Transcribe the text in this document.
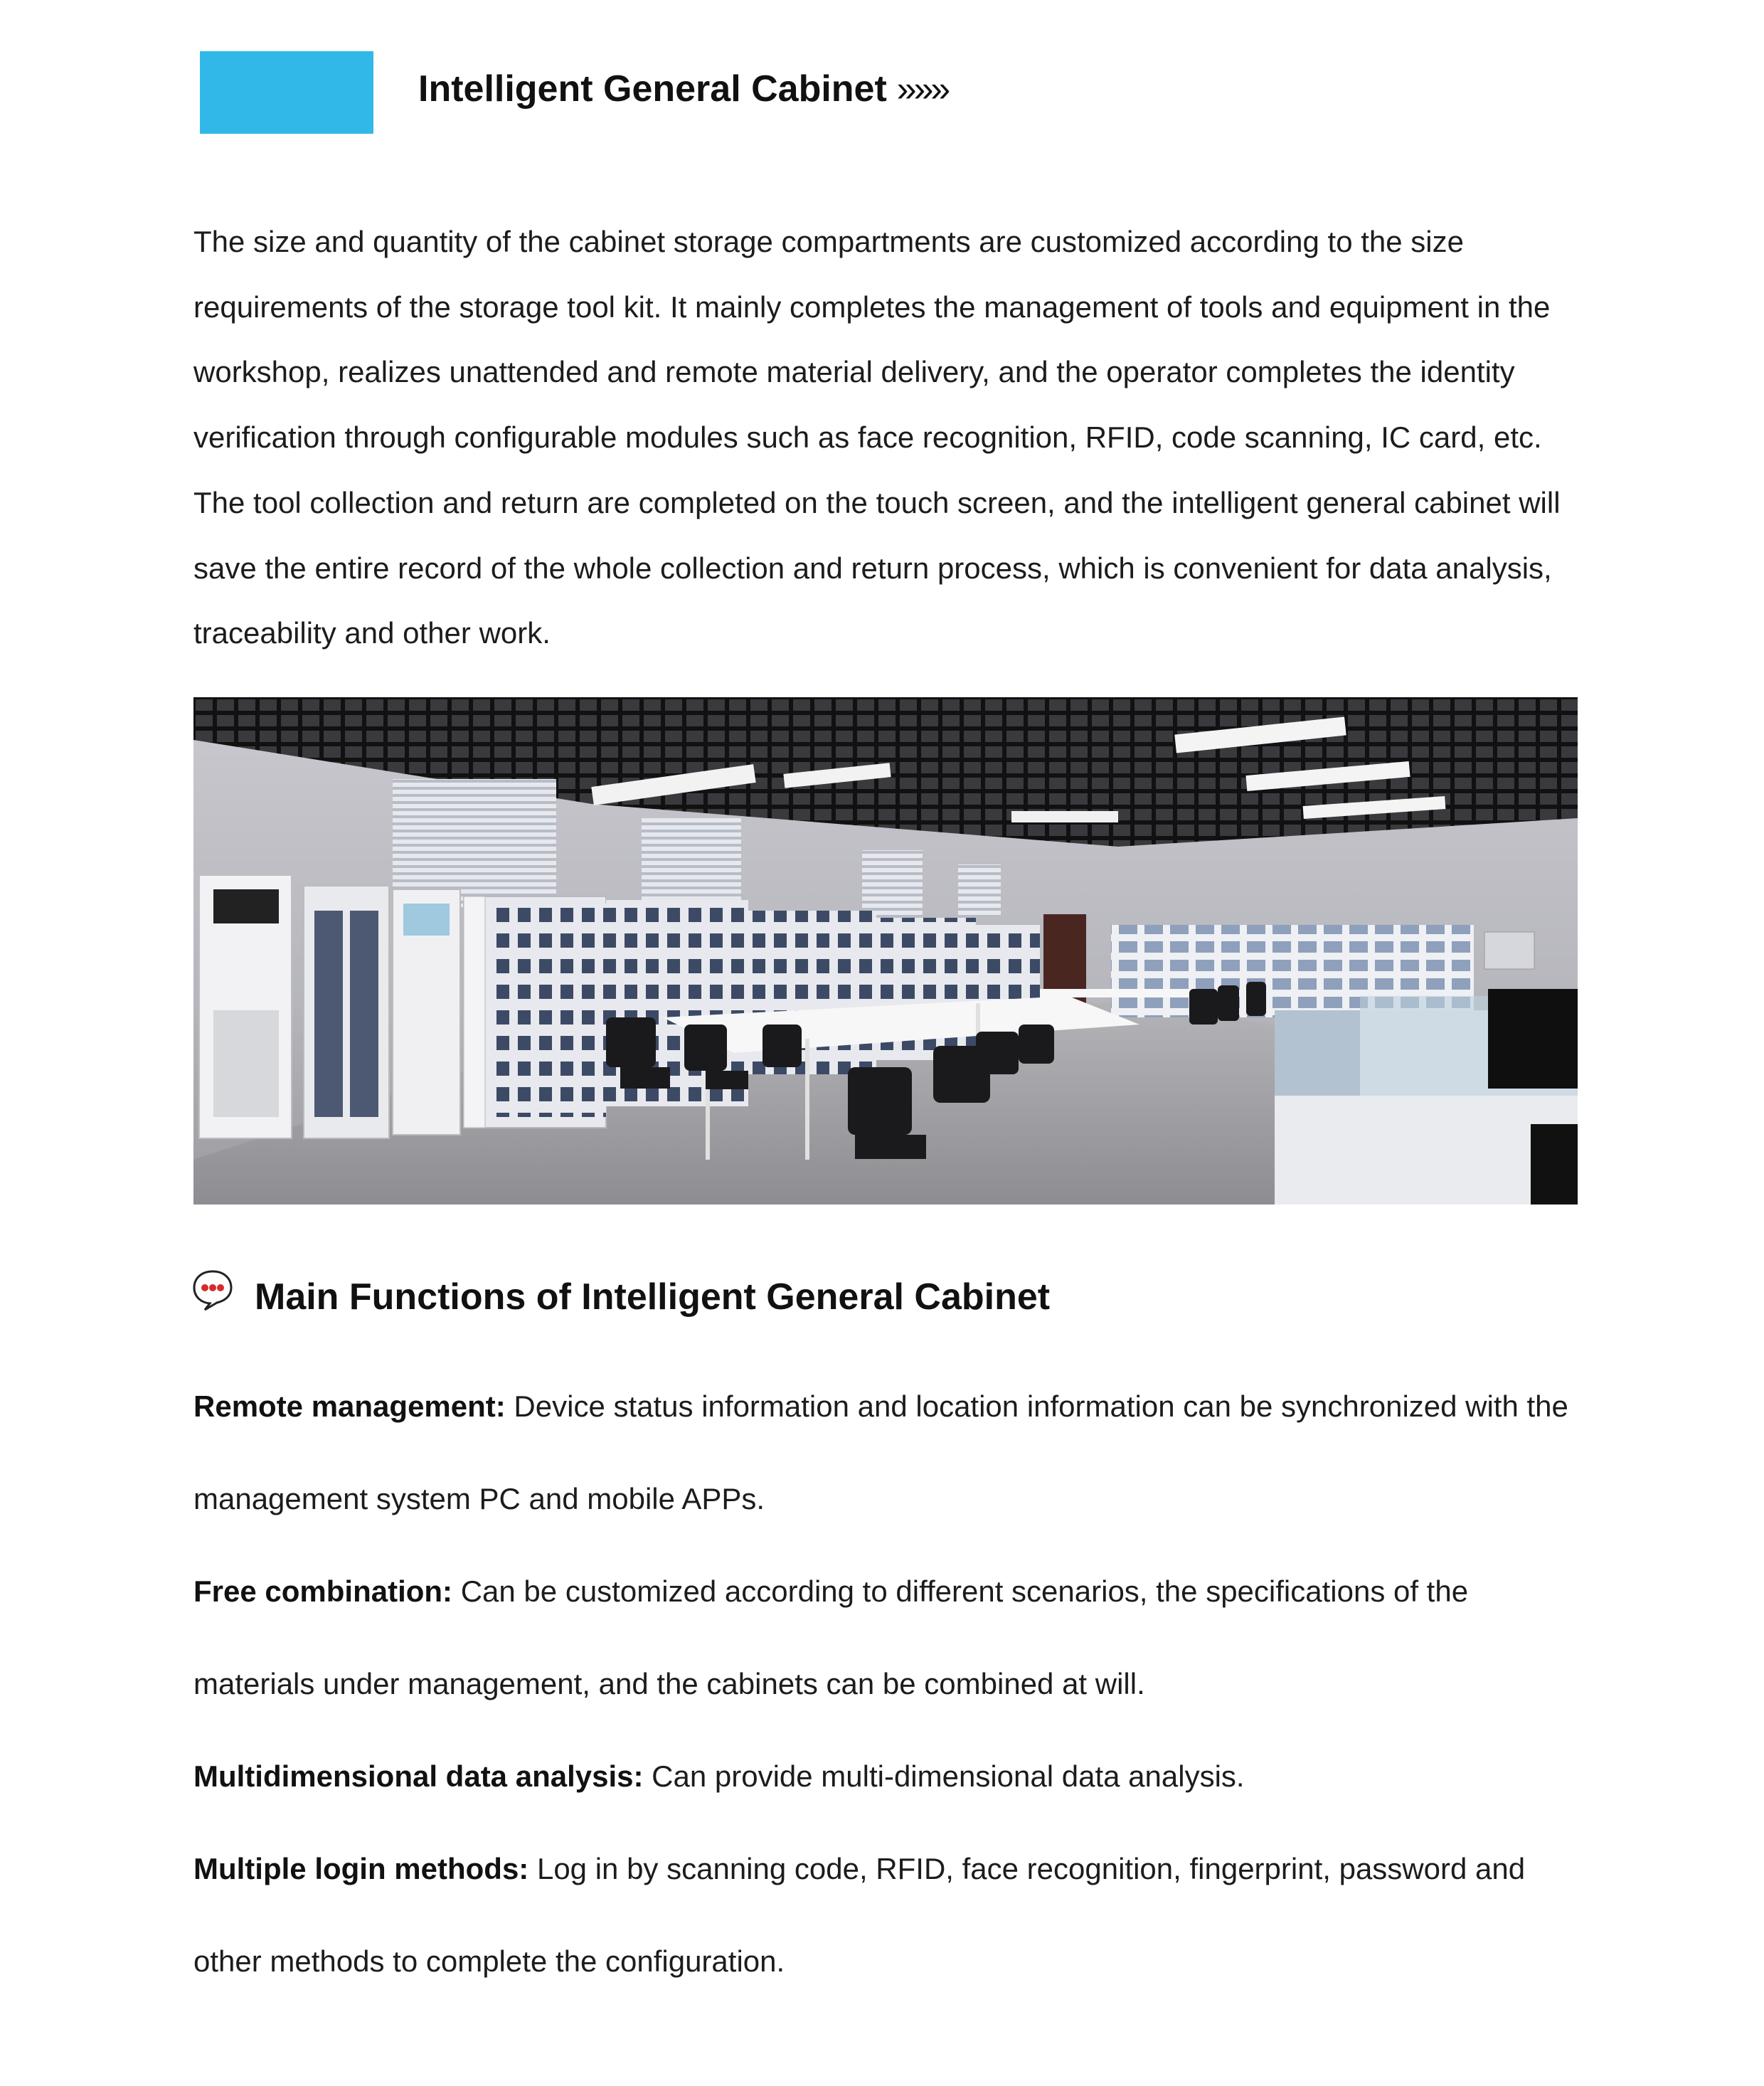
Intelligent General Cabinet »»»

The size and quantity of the cabinet storage compartments are customized according to the size requirements of the storage tool kit. It mainly completes the management of tools and equipment in the workshop, realizes unattended and remote material delivery, and the operator completes the identity verification through configurable modules such as face recognition, RFID, code scanning, IC card, etc. The tool collection and return are completed on the touch screen, and the intelligent general cabinet will save the entire record of the whole collection and return process, which is convenient for data analysis, traceability and other work.

Main Functions of Intelligent General Cabinet
Remote management: Device status information and location information can be synchronized with the management system PC and mobile APPs.
Free combination: Can be customized according to different scenarios, the specifications of the materials under management, and the cabinets can be combined at will.
Multidimensional data analysis: Can provide multi-dimensional data analysis.
Multiple login methods: Log in by scanning code, RFID, face recognition, fingerprint, password and other methods to complete the configuration.
